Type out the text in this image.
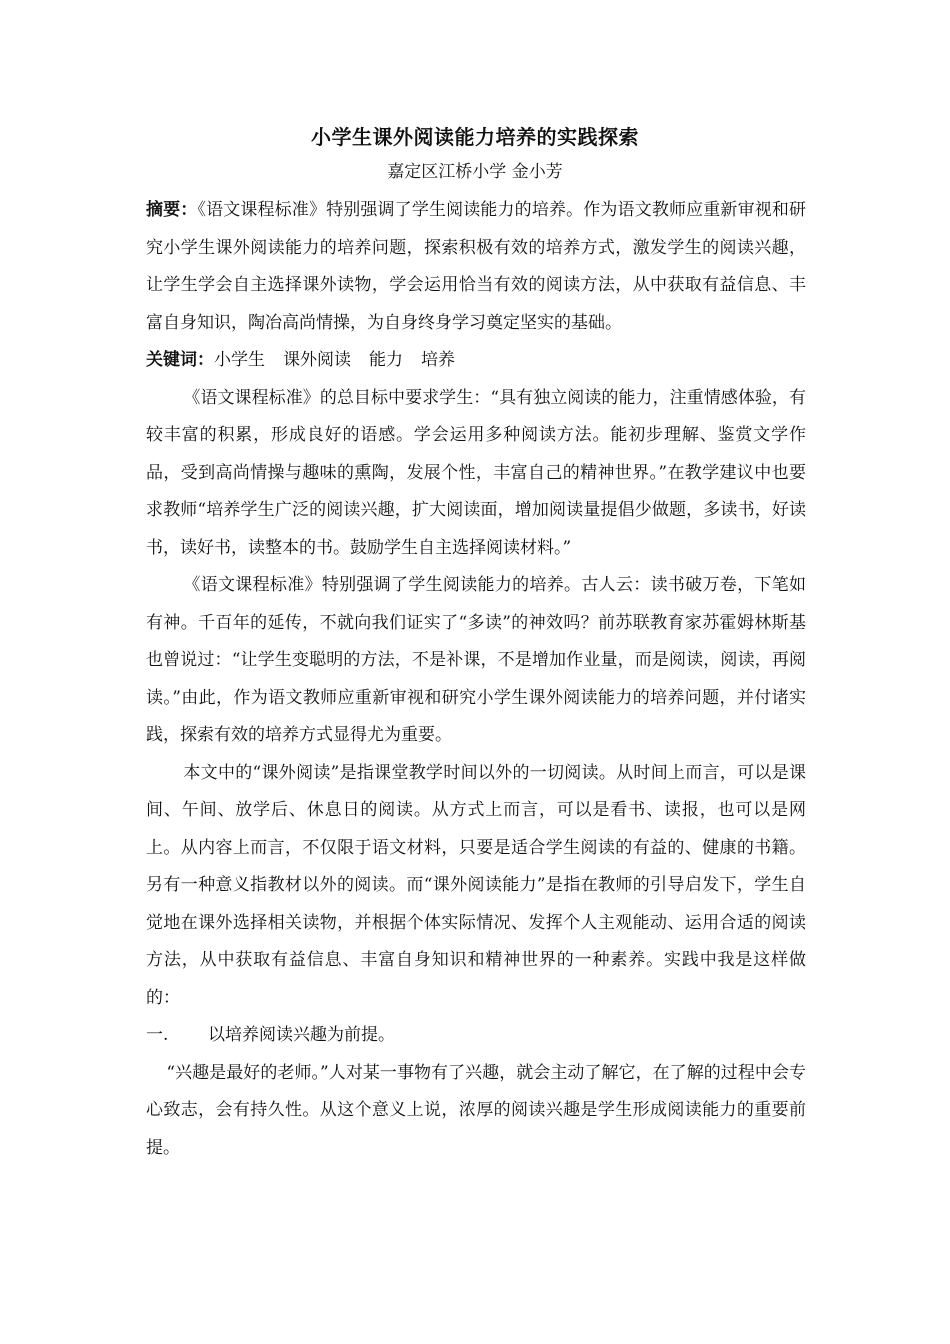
小学生课外阅读能力培养的实践探索
嘉定区江桥小学 金小芳

摘要：《语文课程标准》特别强调了学生阅读能力的培养。作为语文教师应重新审视和研究小学生课外阅读能力的培养问题，探索积极有效的培养方式，激发学生的阅读兴趣，让学生学会自主选择课外读物，学会运用恰当有效的阅读方法，从中获取有益信息、丰富自身知识，陶冶高尚情操，为自身终身学习奠定坚实的基础。

关键词：小学生 课外阅读 能力 培养

《语文课程标准》的总目标中要求学生：“具有独立阅读的能力，注重情感体验，有较丰富的积累，形成良好的语感。学会运用多种阅读方法。能初步理解、鉴赏文学作品，受到高尚情操与趣味的熏陶，发展个性，丰富自己的精神世界。”在教学建议中也要求教师“培养学生广泛的阅读兴趣，扩大阅读面，增加阅读量提倡少做题，多读书，好读书，读好书，读整本的书。鼓励学生自主选择阅读材料。”

《语文课程标准》特别强调了学生阅读能力的培养。古人云：读书破万卷，下笔如有神。千百年的延传，不就向我们证实了“多读”的神效吗？前苏联教育家苏霍姆林斯基也曾说过：“让学生变聪明的方法，不是补课，不是增加作业量，而是阅读，阅读，再阅读。”由此，作为语文教师应重新审视和研究小学生课外阅读能力的培养问题，并付诸实践，探索有效的培养方式显得尤为重要。

本文中的“课外阅读”是指课堂教学时间以外的一切阅读。从时间上而言，可以是课间、午间、放学后、休息日的阅读。从方式上而言，可以是看书、读报，也可以是网上。从内容上而言，不仅限于语文材料，只要是适合学生阅读的有益的、健康的书籍。另有一种意义指教材以外的阅读。而“课外阅读能力”是指在教师的引导启发下，学生自觉地在课外选择相关读物，并根据个体实际情况、发挥个人主观能动、运用合适的阅读方法，从中获取有益信息、丰富自身知识和精神世界的一种素养。实践中我是这样做的：

一. 以培养阅读兴趣为前提。

“兴趣是最好的老师。”人对某一事物有了兴趣，就会主动了解它，在了解的过程中会专心致志，会有持久性。从这个意义上说，浓厚的阅读兴趣是学生形成阅读能力的重要前提。
